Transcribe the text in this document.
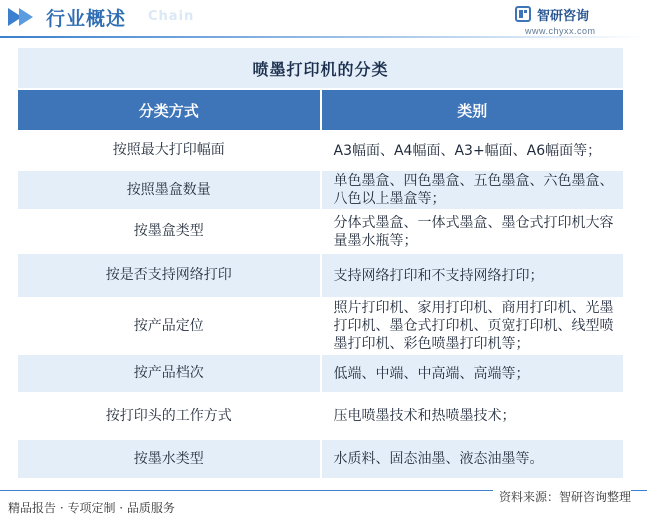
行业概述 Chain	智研咨询
www.chyxx.com
喷墨打印机的分类	
分类方式	类别
按照最大打印幅面	A3幅面、A4幅面、A3+幅面、A6幅面等；
按照墨盒数量	单色墨盒、四色墨盒、五色墨盒、六色墨盒、八色以上墨盒等；
按墨盒类型	分体式墨盒、一体式墨盒、墨仓式打印机大容量墨水瓶等；
按是否支持网络打印	支持网络打印和不支持网络打印；
按产品定位	照片打印机、家用打印机、商用打印机、光墨打印机、墨仓式打印机、页宽打印机、线型喷墨打印机、彩色喷墨打印机等；
按产品档次	低端、中端、中高端、高端等；
按打印头的工作方式	压电喷墨技术和热喷墨技术；
按墨水类型	水质料、固态油墨、液态油墨等。
精品报告 · 专项定制 · 品质服务
资料来源：智研咨询整理
